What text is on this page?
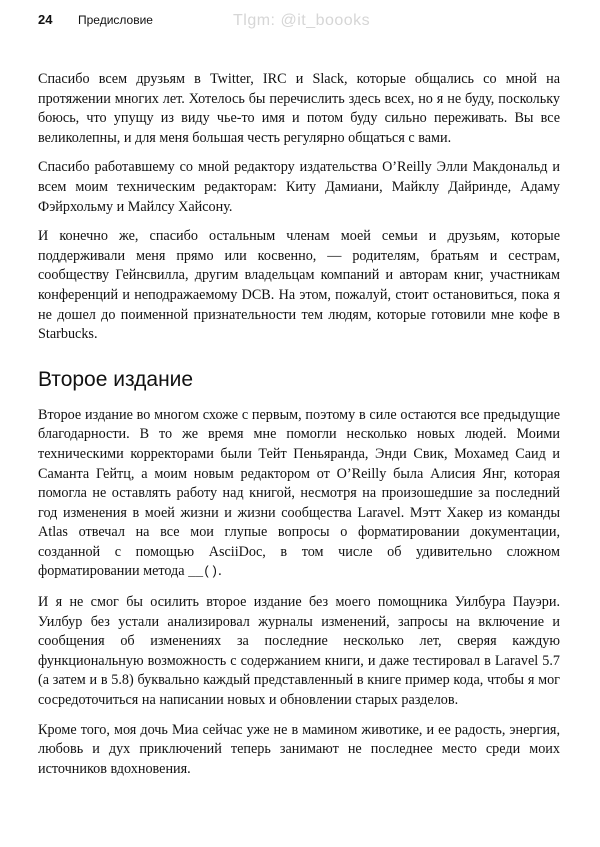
24 Предисловие	Tlgm: @it_boooks

Спасибо всем друзьям в Twitter, IRC и Slack, которые общались со мной на протяжении многих лет. Хотелось бы перечислить здесь всех, но я не буду, поскольку боюсь, что упущу из виду чье-то имя и потом буду сильно переживать. Вы все великолепны, и для меня большая честь регулярно общаться с вами.

Спасибо работавшему со мной редактору издательства O’Reilly Элли Макдональд и всем моим техническим редакторам: Киту Дамиани, Майклу Дайринде, Адаму Фэйрхольму и Майлсу Хайсону.

И конечно же, спасибо остальным членам моей семьи и друзьям, которые поддерживали меня прямо или косвенно, — родителям, братьям и сестрам, сообществу Гейнсвилла, другим владельцам компаний и авторам книг, участникам конференций и неподражаемому DCB. На этом, пожалуй, стоит остановиться, пока я не дошел до поименной признательности тем людям, которые готовили мне кофе в Starbucks.

Второе издание

Второе издание во многом схоже с первым, поэтому в силе остаются все предыдущие благодарности. В то же время мне помогли несколько новых людей. Моими техническими корректорами были Тейт Пеньяранда, Энди Свик, Мохамед Саид и Саманта Гейтц, а моим новым редактором от O’Reilly была Алисия Янг, которая помогла не оставлять работу над книгой, несмотря на произошедшие за последний год изменения в моей жизни и жизни сообщества Laravel. Мэтт Хакер из команды Atlas отвечал на все мои глупые вопросы о форматировании документации, созданной с помощью AsciiDoc, в том числе об удивительно сложном форматировании метода __().

И я не смог бы осилить второе издание без моего помощника Уилбура Пауэри. Уилбур без устали анализировал журналы изменений, запросы на включение и сообщения об изменениях за последние несколько лет, сверяя каждую функциональную возможность с содержанием книги, и даже тестировал в Laravel 5.7 (а затем и в 5.8) буквально каждый представленный в книге пример кода, чтобы я мог сосредоточиться на написании новых и обновлении старых разделов.

Кроме того, моя дочь Миа сейчас уже не в мамином животике, и ее радость, энергия, любовь и дух приключений теперь занимают не последнее место среди моих источников вдохновения.
